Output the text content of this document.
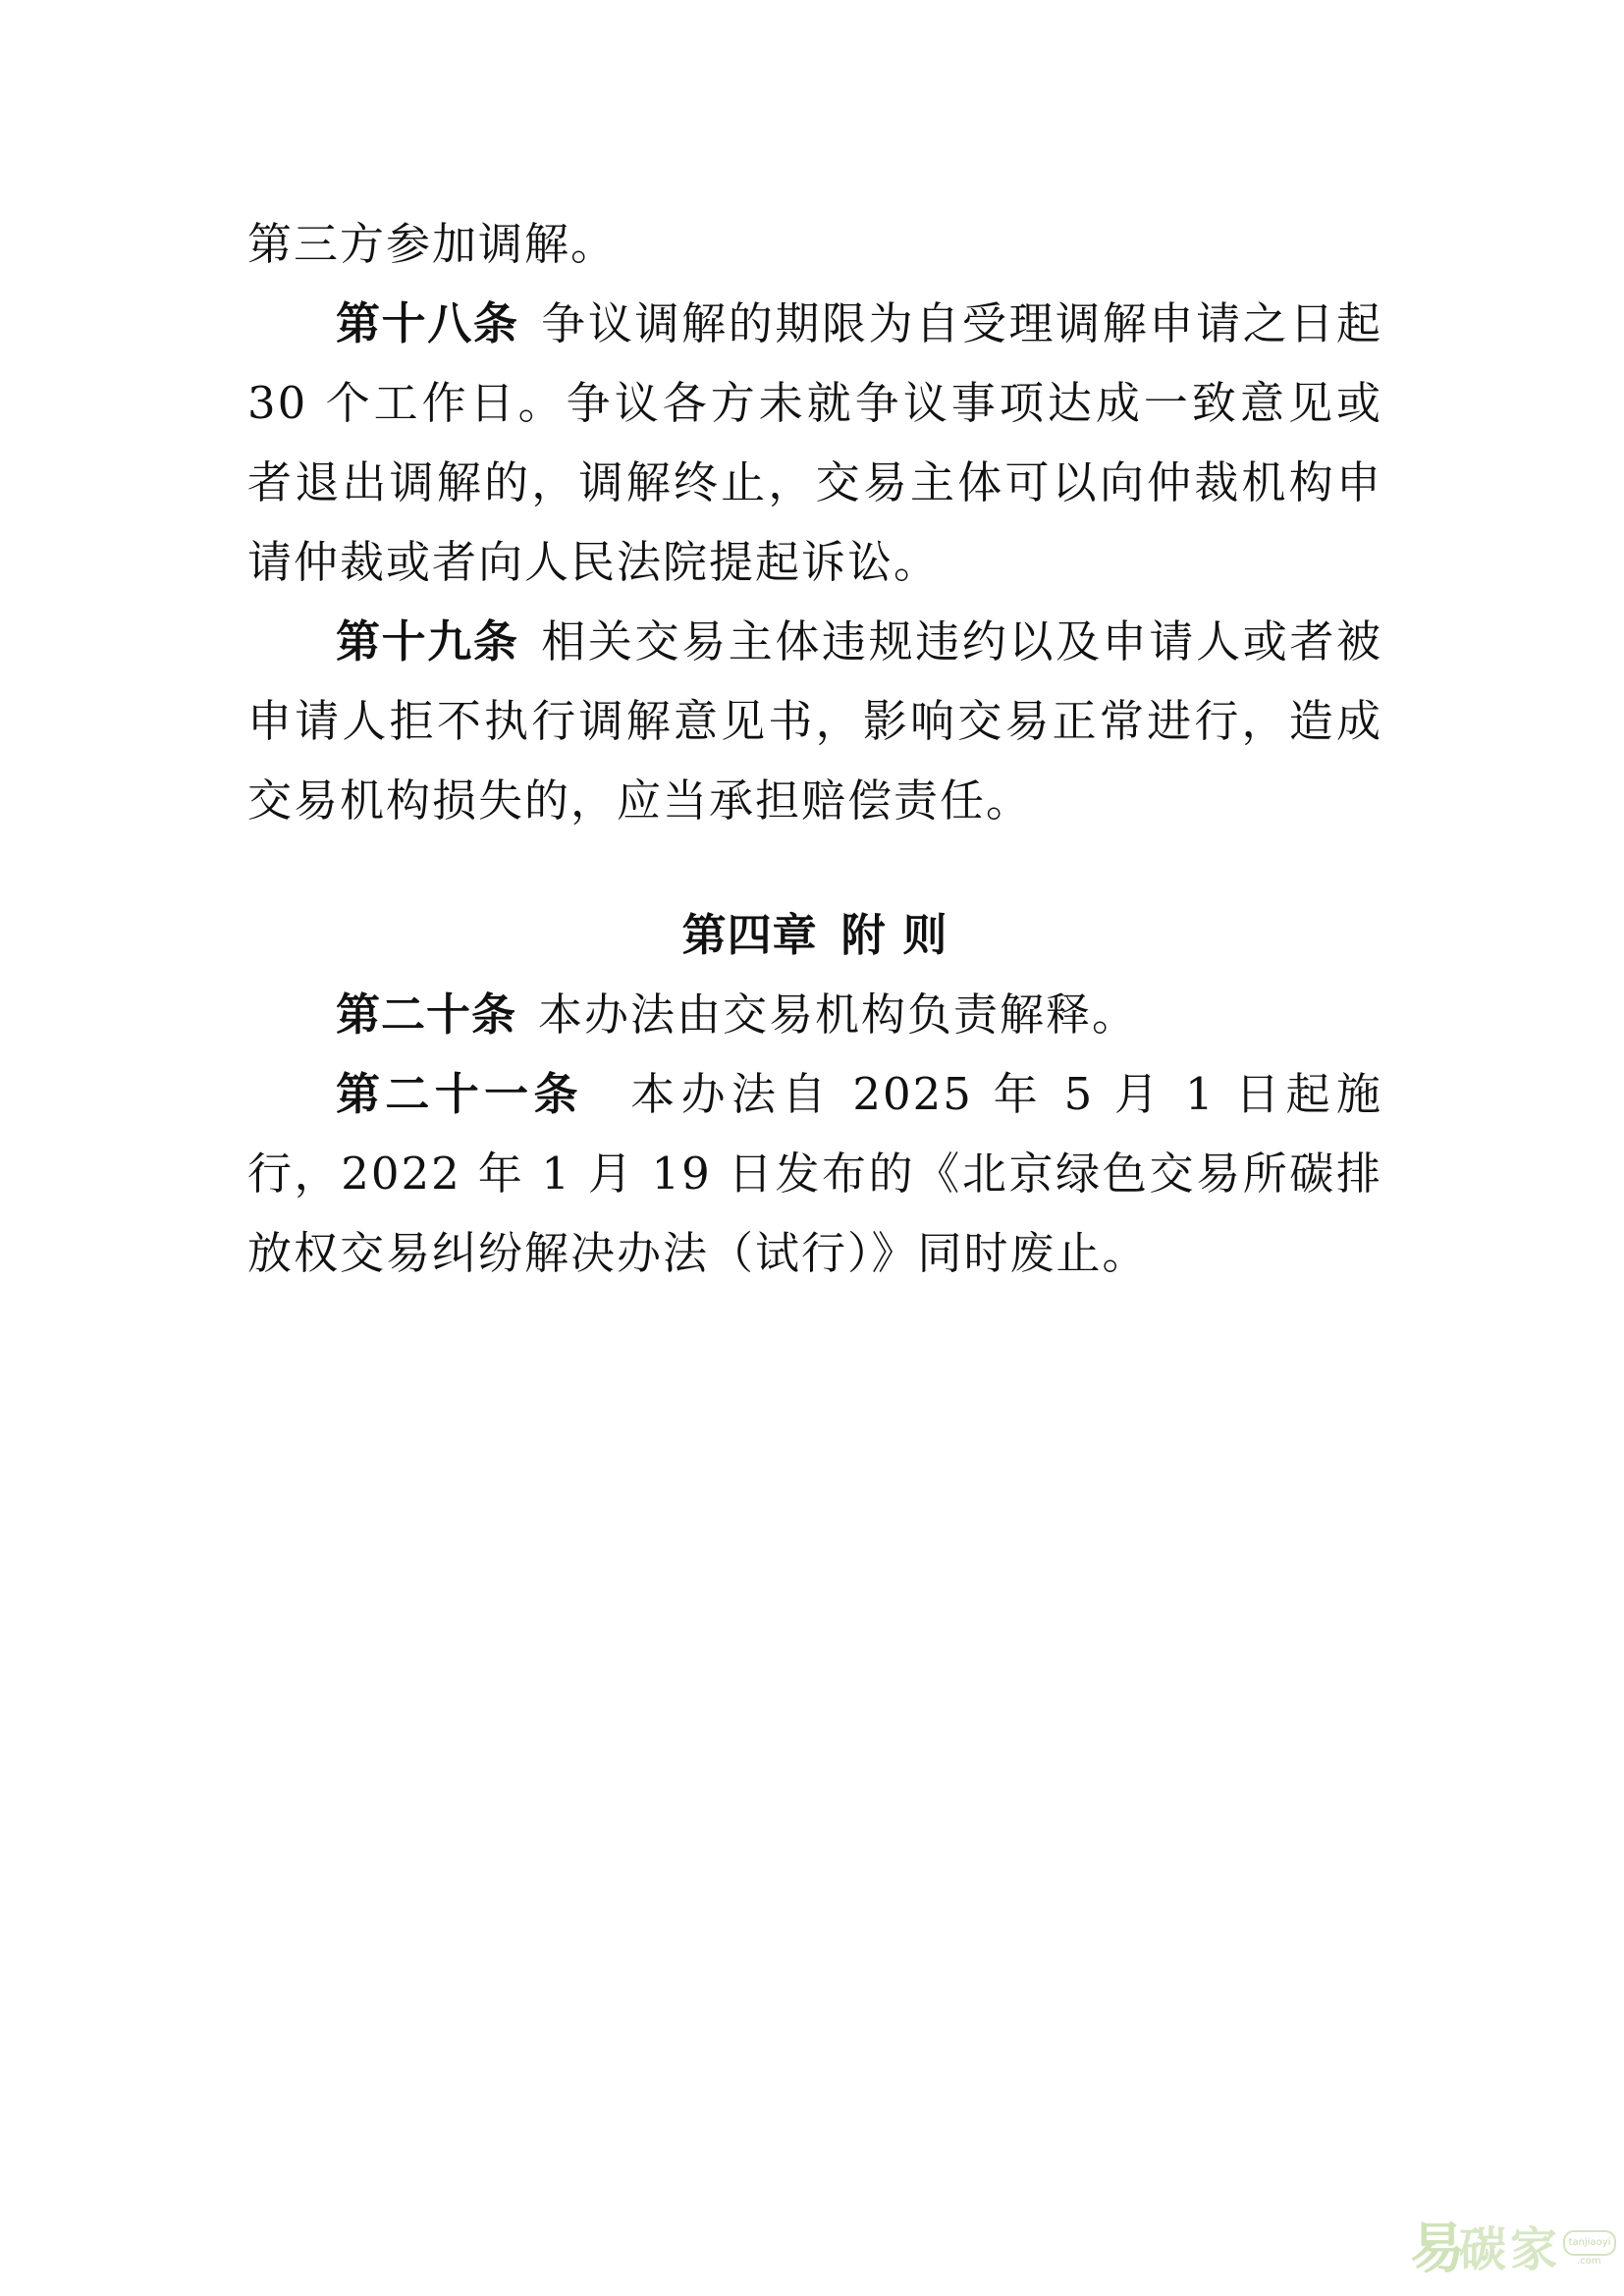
第三方参加调解。

第十八条 争议调解的期限为自受理调解申请之日起 30 个工作日。争议各方未就争议事项达成一致意见或者退出调解的，调解终止，交易主体可以向仲裁机构申请仲裁或者向人民法院提起诉讼。

第十九条 相关交易主体违规违约以及申请人或者被申请人拒不执行调解意见书，影响交易正常进行，造成交易机构损失的，应当承担赔偿责任。

第四章 附 则

第二十条 本办法由交易机构负责解释。

第二十一条 本办法自 2025 年 5 月 1 日起施行，2022 年 1 月 19 日发布的《北京绿色交易所碳排放权交易纠纷解决办法（试行）》同时废止。

易
碳 家	tanjiaoyi
.com
